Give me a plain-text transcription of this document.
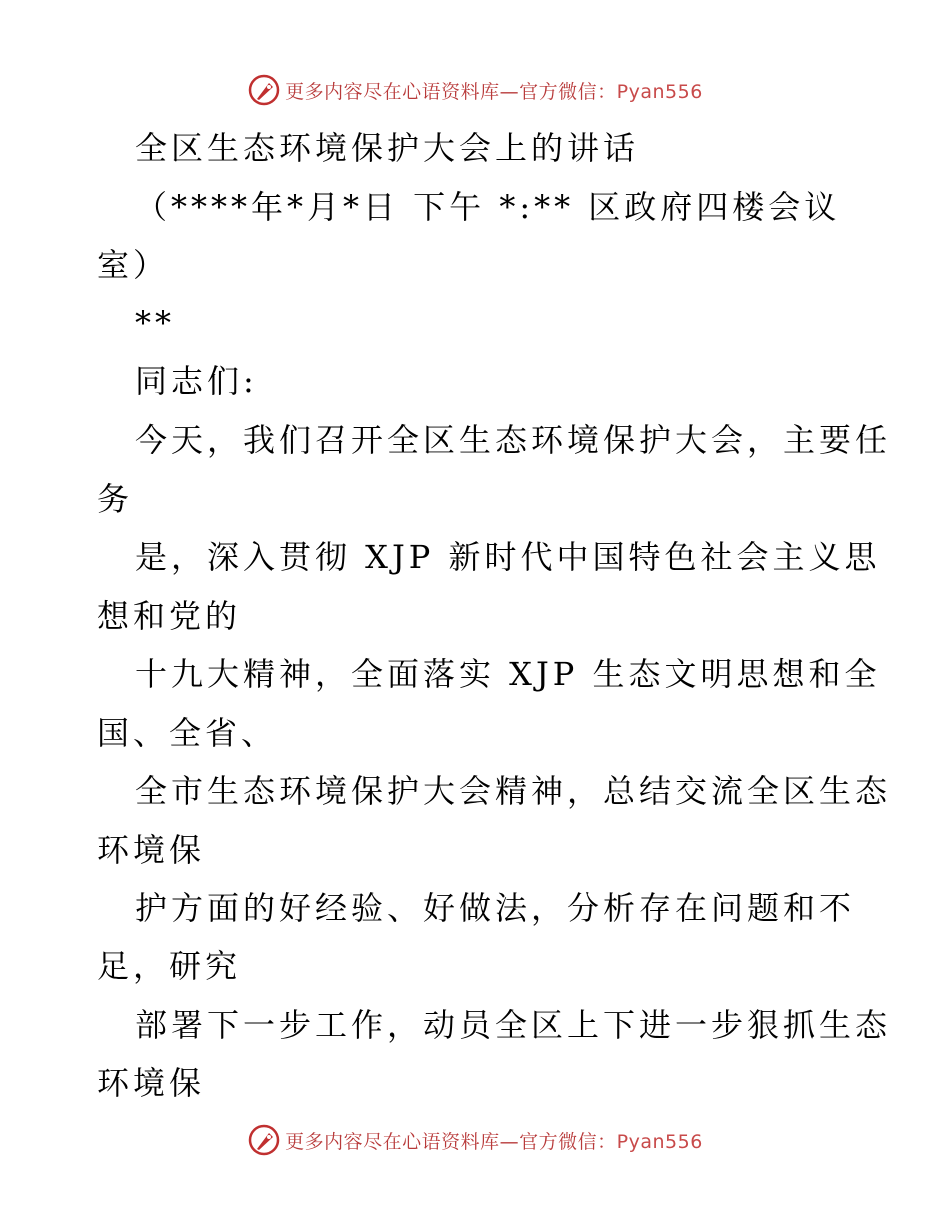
更多内容尽在心语资料库—官方微信：Pyan556
全区生态环境保护大会上的讲话
（****年*月*日 下午 *:** 区政府四楼会议
室）
**
同志们:
今天，我们召开全区生态环境保护大会，主要任
务
是，深入贯彻 XJP 新时代中国特色社会主义思
想和党的
十九大精神，全面落实 XJP 生态文明思想和全
国、全省、
全市生态环境保护大会精神，总结交流全区生态
环境保
护方面的好经验、好做法，分析存在问题和不
足，研究
部署下一步工作，动员全区上下进一步狠抓生态
环境保
更多内容尽在心语资料库—官方微信：Pyan556
